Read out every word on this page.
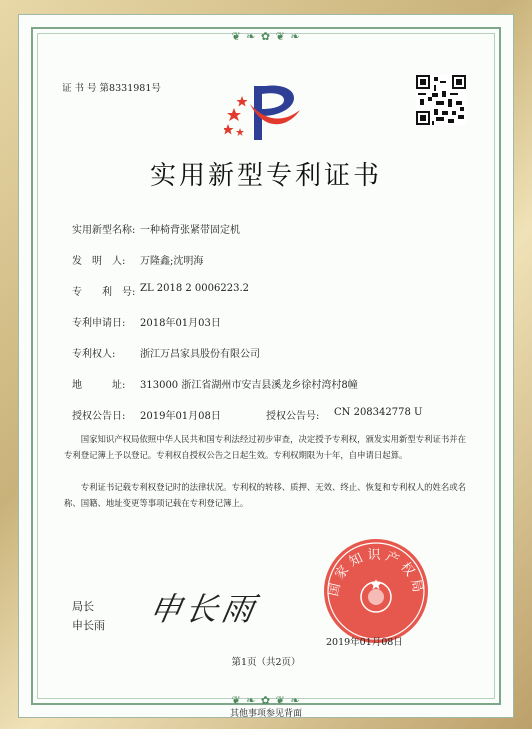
❦ ❧ ✿ ❦ ❧
❦ ❧ ✿ ❦ ❧
证 书 号 第8331981号
实用新型专利证书
实用新型名称: 一种椅背张紧带固定机
发　明　人: 万隆鑫;沈明海
专　　利　号: ZL 2018 2 0006223.2
专利申请日: 2018年01月03日
专利权人: 浙江万昌家具股份有限公司
地　　　址: 313000 浙江省湖州市安吉县溪龙乡徐村湾村8幢
授权公告日: 2019年01月08日	授权公告号: CN 208342778 U
国家知识产权局依照中华人民共和国专利法经过初步审查，决定授予专利权，颁发实用新型专利证书并在专利登记簿上予以登记。专利权自授权公告之日起生效。专利权期限为十年，自申请日起算。
专利证书记载专利权登记时的法律状况。专利权的转移、质押、无效、终止、恢复和专利权人的姓名或名称、国籍、地址变更等事项记载在专利登记簿上。
局长
申长雨 申长雨
国家知识产权局
2019年01月08日
第1页（共2页）
其他事项参见背面
